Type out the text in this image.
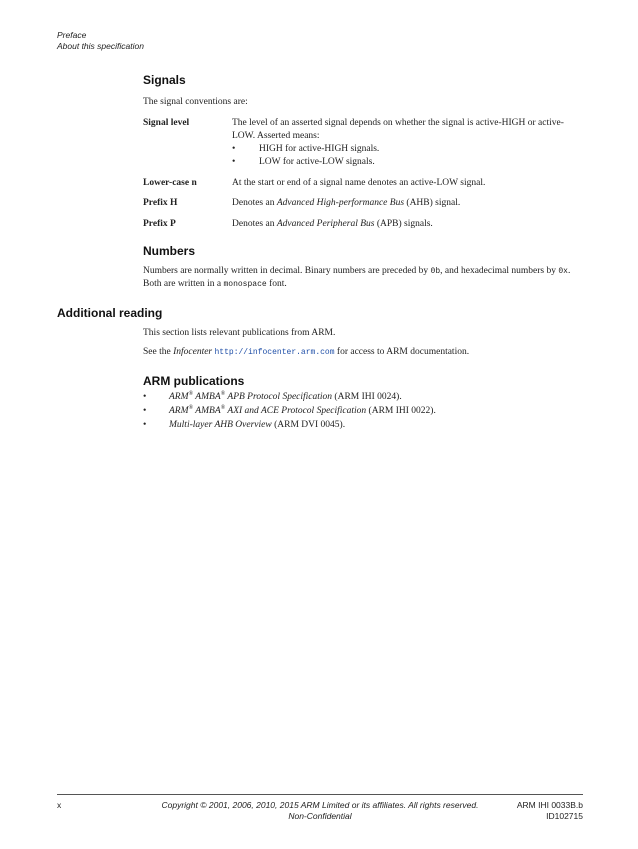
Preface
About this specification
Signals

The signal conventions are:

Signal level	The level of an asserted signal depends on whether the signal is active-HIGH or active-LOW. Asserted means:

• HIGH for active-HIGH signals.
• LOW for active-LOW signals.

Lower-case n	At the start or end of a signal name denotes an active-LOW signal.

Prefix H	Denotes an Advanced High-performance Bus (AHB) signal.

Prefix P	Denotes an Advanced Peripheral Bus (APB) signals.

Numbers

Numbers are normally written in decimal. Binary numbers are preceded by 0b, and hexadecimal numbers by 0x.
Both are written in a monospace font.

Additional reading

This section lists relevant publications from ARM.

See the Infocenter http://infocenter.arm.com for access to ARM documentation.

ARM publications
• ARM® AMBA® APB Protocol Specification (ARM IHI 0024).
• ARM® AMBA® AXI and ACE Protocol Specification (ARM IHI 0022).
• Multi-layer AHB Overview (ARM DVI 0045).
x	Copyright © 2001, 2006, 2010, 2015 ARM Limited or its affiliates. All rights reserved.
Non-Confidential
ARM IHI 0033B.b
ID102715
